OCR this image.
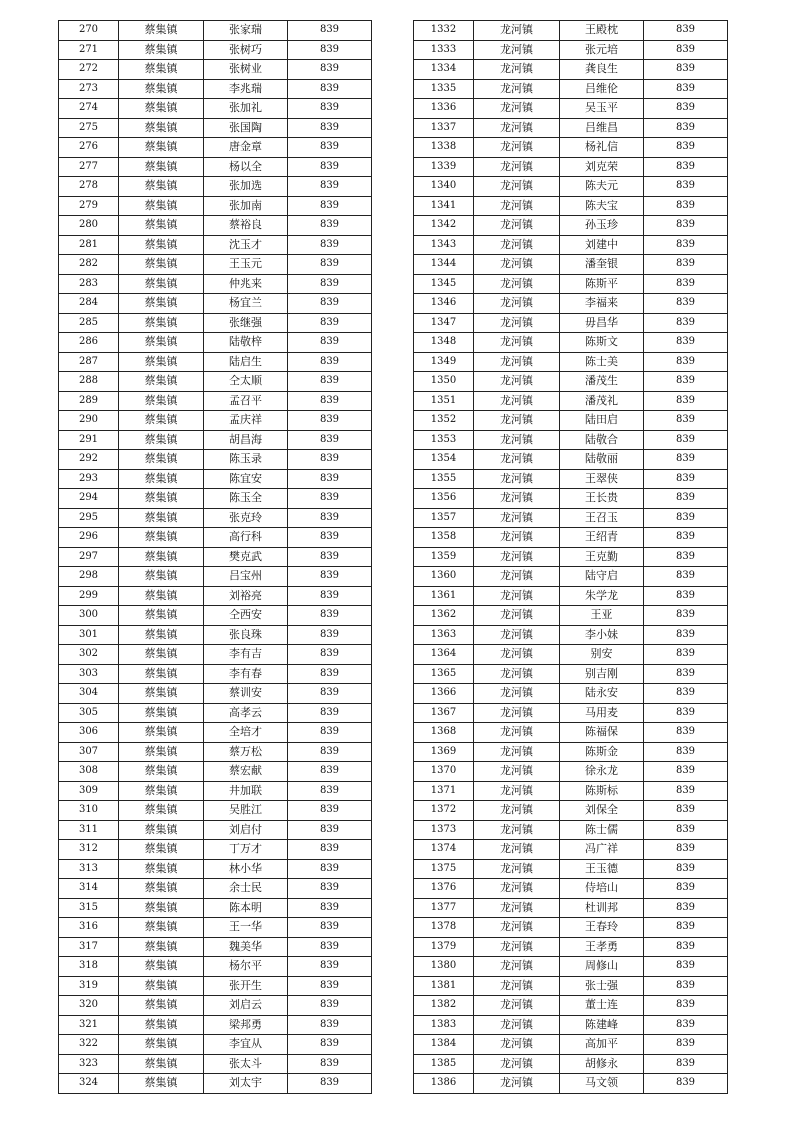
270	蔡集镇	张家瑞	839
271	蔡集镇	张树巧	839
272	蔡集镇	张树业	839
273	蔡集镇	李兆瑞	839
274	蔡集镇	张加礼	839
275	蔡集镇	张国陶	839
276	蔡集镇	唐金章	839
277	蔡集镇	杨以全	839
278	蔡集镇	张加选	839
279	蔡集镇	张加南	839
280	蔡集镇	蔡裕良	839
281	蔡集镇	沈玉才	839
282	蔡集镇	王玉元	839
283	蔡集镇	仲兆来	839
284	蔡集镇	杨宜兰	839
285	蔡集镇	张继强	839
286	蔡集镇	陆敬梓	839
287	蔡集镇	陆启生	839
288	蔡集镇	仝太顺	839
289	蔡集镇	孟召平	839
290	蔡集镇	孟庆祥	839
291	蔡集镇	胡昌海	839
292	蔡集镇	陈玉录	839
293	蔡集镇	陈宜安	839
294	蔡集镇	陈玉全	839
295	蔡集镇	张克玲	839
296	蔡集镇	高行科	839
297	蔡集镇	樊克武	839
298	蔡集镇	吕宝州	839
299	蔡集镇	刘裕亮	839
300	蔡集镇	仝西安	839
301	蔡集镇	张良珠	839
302	蔡集镇	李有吉	839
303	蔡集镇	李有春	839
304	蔡集镇	蔡训安	839
305	蔡集镇	高孝云	839
306	蔡集镇	全培才	839
307	蔡集镇	蔡万松	839
308	蔡集镇	蔡宏献	839
309	蔡集镇	井加联	839
310	蔡集镇	吴胜江	839
311	蔡集镇	刘启付	839
312	蔡集镇	丁万才	839
313	蔡集镇	林小华	839
314	蔡集镇	余士民	839
315	蔡集镇	陈本明	839
316	蔡集镇	王一华	839
317	蔡集镇	魏美华	839
318	蔡集镇	杨尔平	839
319	蔡集镇	张开生	839
320	蔡集镇	刘启云	839
321	蔡集镇	梁邦勇	839
322	蔡集镇	李宜从	839
323	蔡集镇	张太斗	839
324	蔡集镇	刘太宇	839
1332	龙河镇	王殿枕	839
1333	龙河镇	张元培	839
1334	龙河镇	龚良生	839
1335	龙河镇	吕维伦	839
1336	龙河镇	吴玉平	839
1337	龙河镇	吕维昌	839
1338	龙河镇	杨礼信	839
1339	龙河镇	刘克荣	839
1340	龙河镇	陈夫元	839
1341	龙河镇	陈夫宝	839
1342	龙河镇	孙玉珍	839
1343	龙河镇	刘建中	839
1344	龙河镇	潘奎银	839
1345	龙河镇	陈斯平	839
1346	龙河镇	李福来	839
1347	龙河镇	毋昌华	839
1348	龙河镇	陈斯文	839
1349	龙河镇	陈士美	839
1350	龙河镇	潘茂生	839
1351	龙河镇	潘茂礼	839
1352	龙河镇	陆田启	839
1353	龙河镇	陆敬合	839
1354	龙河镇	陆敬丽	839
1355	龙河镇	王翠侠	839
1356	龙河镇	王长贵	839
1357	龙河镇	王召玉	839
1358	龙河镇	王绍青	839
1359	龙河镇	王克勤	839
1360	龙河镇	陆守启	839
1361	龙河镇	朱学龙	839
1362	龙河镇	王亚	839
1363	龙河镇	李小妹	839
1364	龙河镇	别安	839
1365	龙河镇	别吉刚	839
1366	龙河镇	陆永安	839
1367	龙河镇	马用麦	839
1368	龙河镇	陈福保	839
1369	龙河镇	陈斯金	839
1370	龙河镇	徐永龙	839
1371	龙河镇	陈斯标	839
1372	龙河镇	刘保全	839
1373	龙河镇	陈士儒	839
1374	龙河镇	冯广祥	839
1375	龙河镇	王玉德	839
1376	龙河镇	侍培山	839
1377	龙河镇	杜训邦	839
1378	龙河镇	王春玲	839
1379	龙河镇	王孝勇	839
1380	龙河镇	周修山	839
1381	龙河镇	张士强	839
1382	龙河镇	董士连	839
1383	龙河镇	陈建峰	839
1384	龙河镇	高加平	839
1385	龙河镇	胡修永	839
1386	龙河镇	马文领	839
